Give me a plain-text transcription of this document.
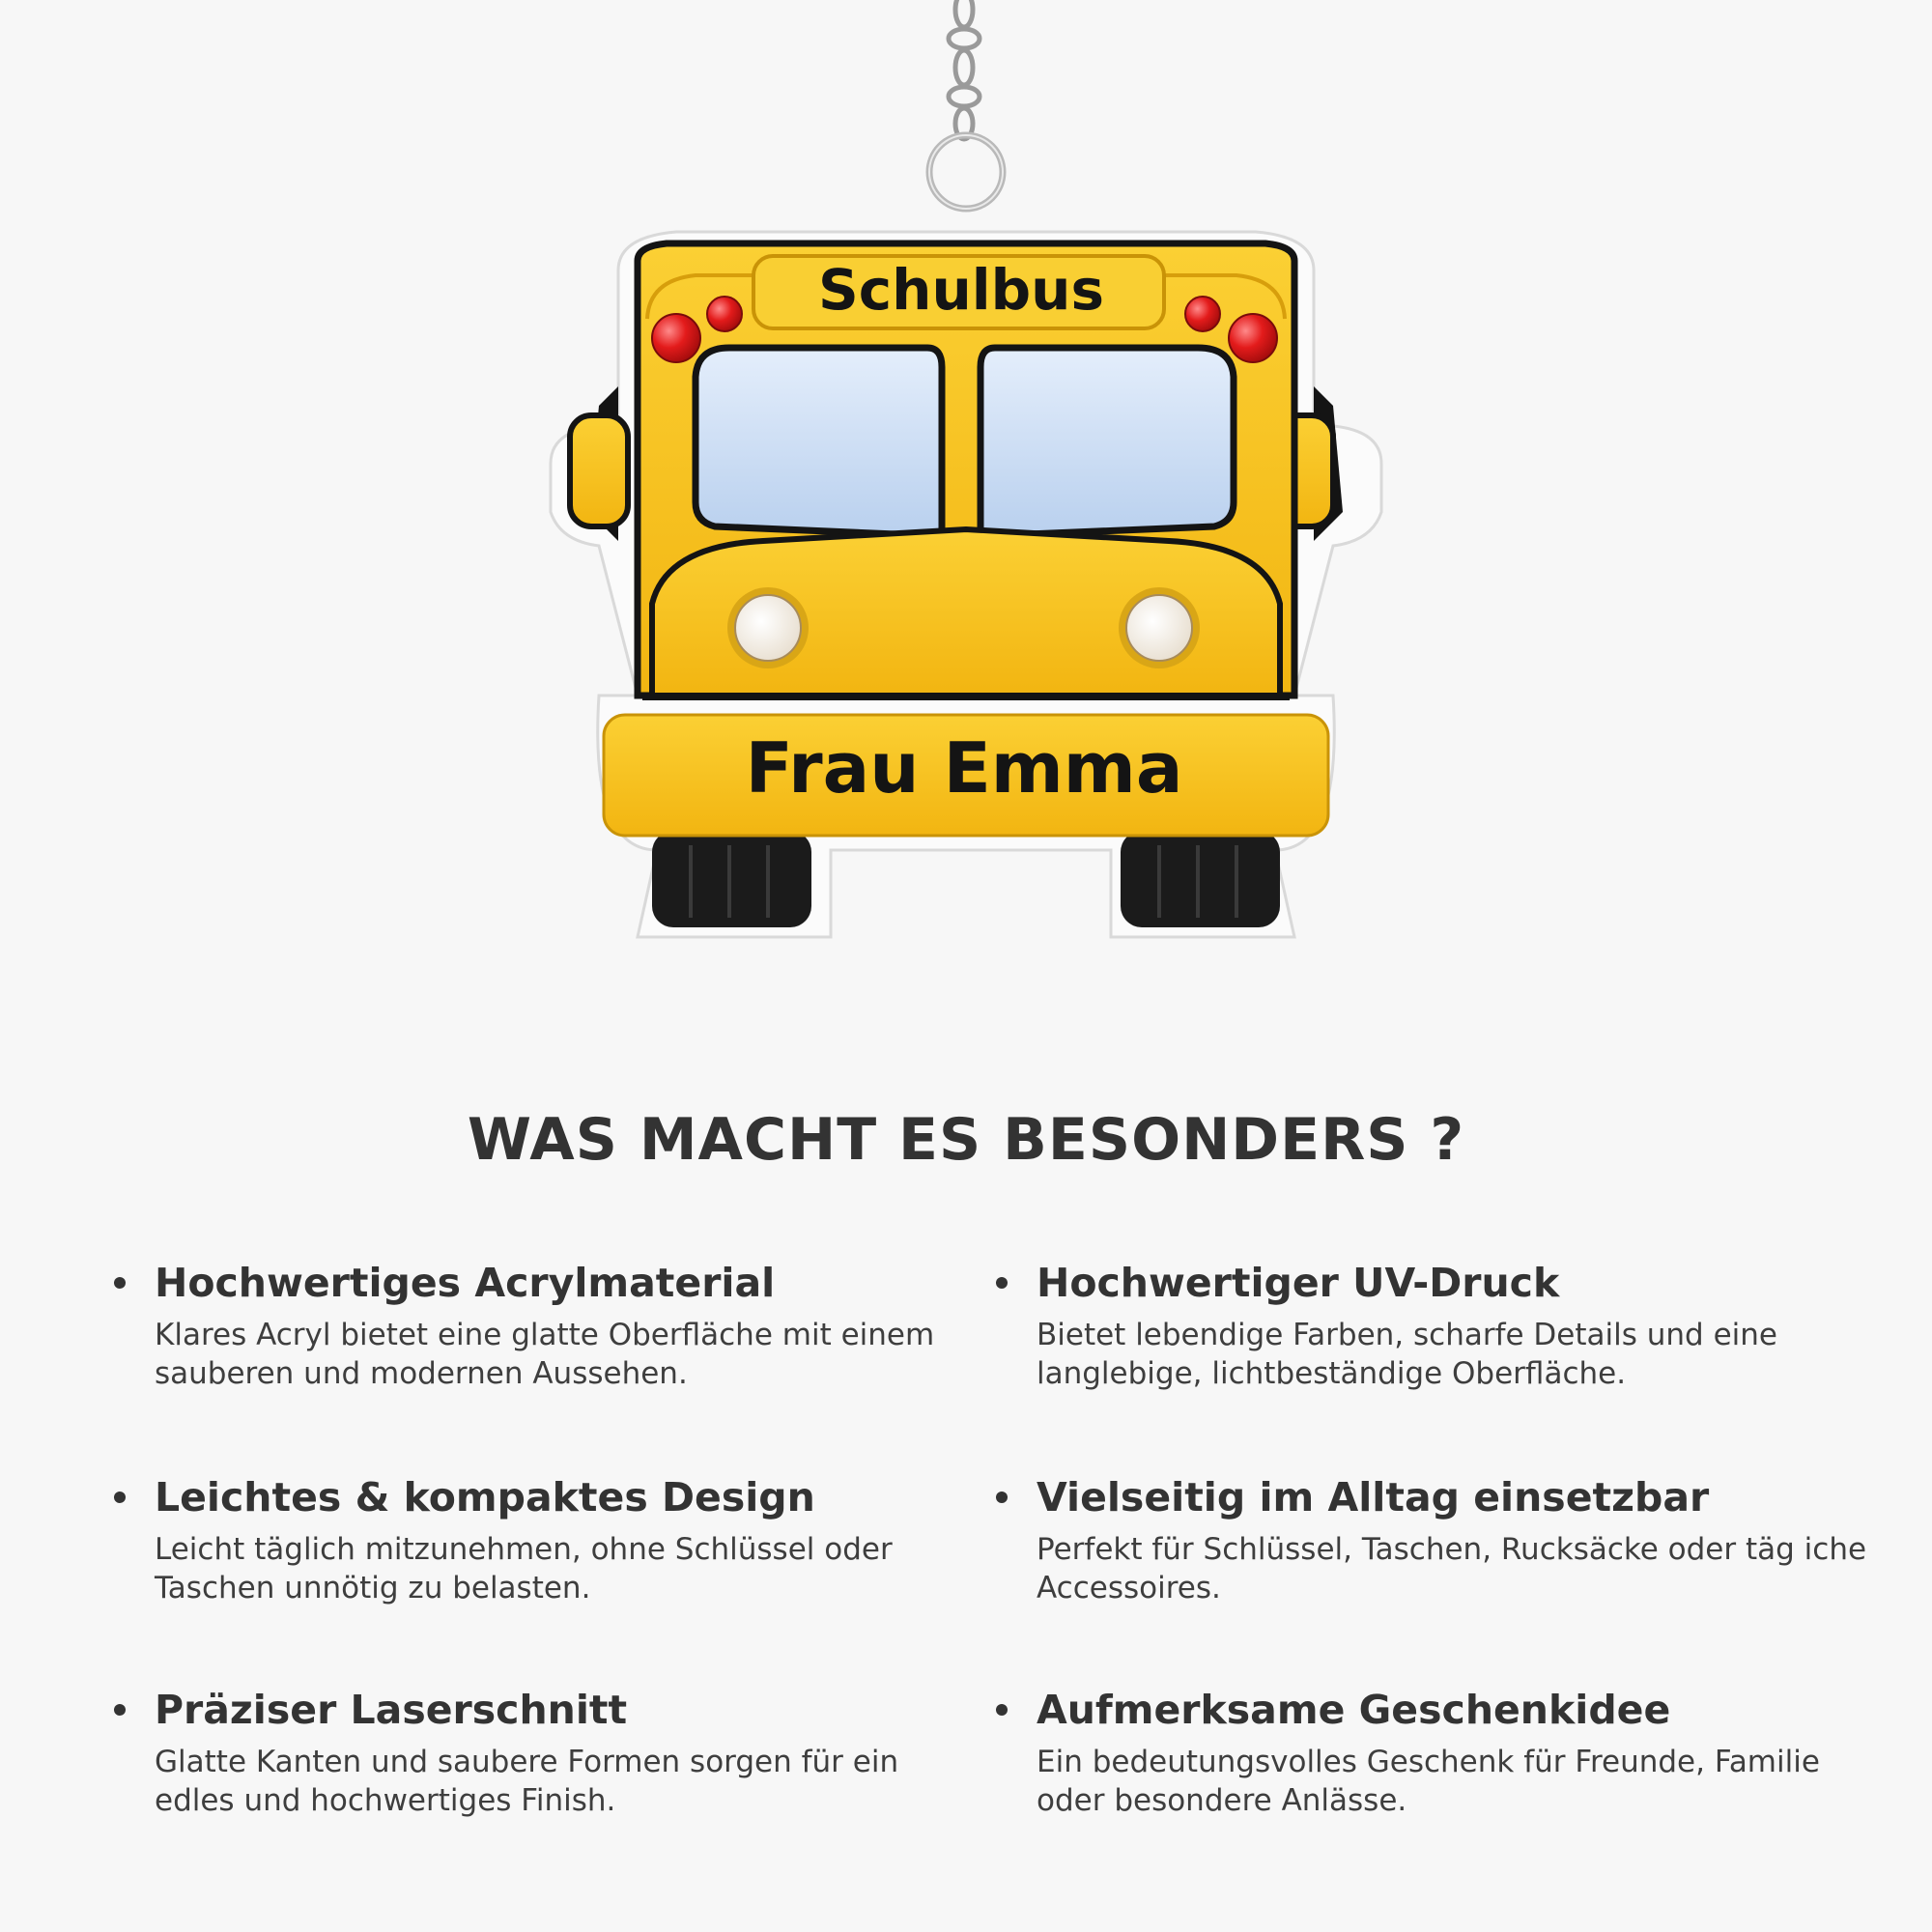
Schulbus
Frau Emma
WAS MACHT ES BESONDERS ?
Hochwertiges Acrylmaterial
Klares Acryl bietet eine glatte Oberfläche mit einem sauberen und modernen Aussehen.
Hochwertiger UV-Druck
Bietet lebendige Farben, scharfe Details und eine langlebige, lichtbeständige Oberfläche.
Leichtes & kompaktes Design
Leicht täglich mitzunehmen, ohne Schlüssel oder Taschen unnötig zu belasten.
Vielseitig im Alltag einsetzbar
Perfekt für Schlüssel, Taschen, Rucksäcke oder täg iche Accessoires.
Präziser Laserschnitt
Glatte Kanten und saubere Formen sorgen für ein edles und hochwertiges Finish.
Aufmerksame Geschenkidee
Ein bedeutungsvolles Geschenk für Freunde, Familie oder besondere Anlässe.
